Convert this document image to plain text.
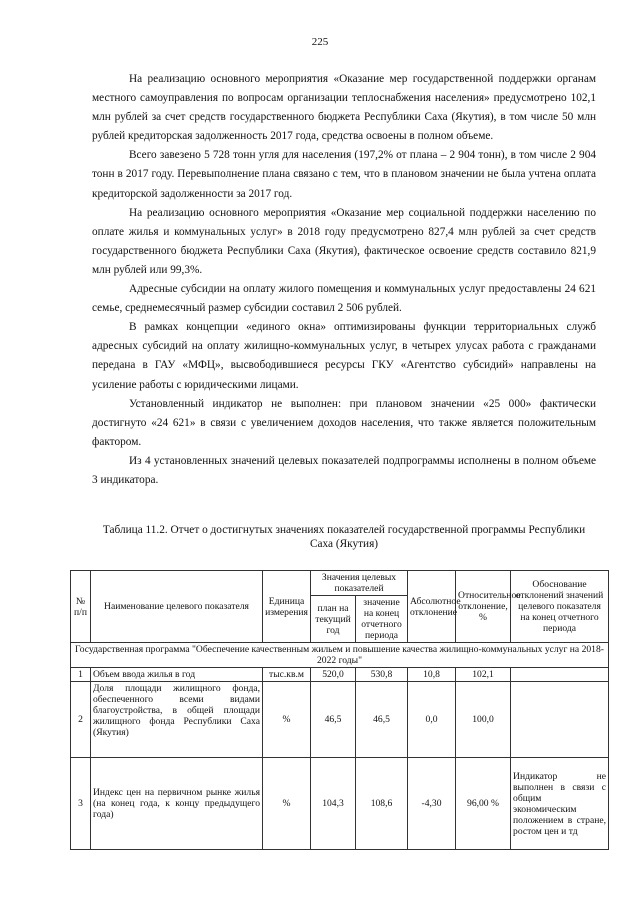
225

На реализацию основного мероприятия «Оказание мер государственной поддержки органам местного самоуправления по вопросам организации теплоснабжения населения» предусмотрено 102,1 млн рублей за счет средств государственного бюджета Республики Саха (Якутия), в том числе 50 млн рублей кредиторская задолженность 2017 года, средства освоены в полном объеме.

Всего завезено 5 728 тонн угля для населения (197,2% от плана – 2 904 тонн), в том числе 2 904 тонн в 2017 году. Перевыполнение плана связано с тем, что в плановом значении не была учтена оплата кредиторской задолженности за 2017 год.

На реализацию основного мероприятия «Оказание мер социальной поддержки населению по оплате жилья и коммунальных услуг» в 2018 году предусмотрено 827,4 млн рублей за счет средств государственного бюджета Республики Саха (Якутия), фактическое освоение средств составило 821,9 млн рублей или 99,3%.

Адресные субсидии на оплату жилого помещения и коммунальных услуг предоставлены 24 621 семье, среднемесячный размер субсидии составил 2 506 рублей.

В рамках концепции «единого окна» оптимизированы функции территориальных служб адресных субсидий на оплату жилищно-коммунальных услуг, в четырех улусах работа с гражданами передана в ГАУ «МФЦ», высвободившиеся ресурсы ГКУ «Агентство субсидий» направлены на усиление работы с юридическими лицами.

Установленный индикатор не выполнен: при плановом значении «25 000» фактически достигнуто «24 621» в связи с увеличением доходов населения, что также является положительным фактором.

Из 4 установленных значений целевых показателей подпрограммы исполнены в полном объеме 3 индикатора.

Таблица 11.2. Отчет о достигнутых значениях показателей государственной программы Республики Саха (Якутия)
№ п/п	Наименование целевого показателя	Единица измерения	Значения целевых показателей		Абсолютное отклонение	Относительное отклонение, %	Обоснование отклонений значений целевого показателя на конец отчетного периода
			план на текущий год	значение на конец отчетного периода			
Государственная программа "Обеспечение качественным жильем и повышение качества жилищно-коммунальных услуг на 2018-2022 годы"							
1	Объем ввода жилья в год	тыс.кв.м	520,0	530,8	10,8	102,1	
2	Доля площади жилищного фонда, обеспеченного всеми видами благоустройства, в общей площади жилищного фонда Республики Саха (Якутия)	%	46,5	46,5	0,0	100,0	
3	Индекс цен на первичном рынке жилья (на конец года, к концу предыдущего года)	%	104,3	108,6	-4,30	96,00 %	Индикатор не выполнен в связи с общим экономическим положением в стране, ростом цен и тд
